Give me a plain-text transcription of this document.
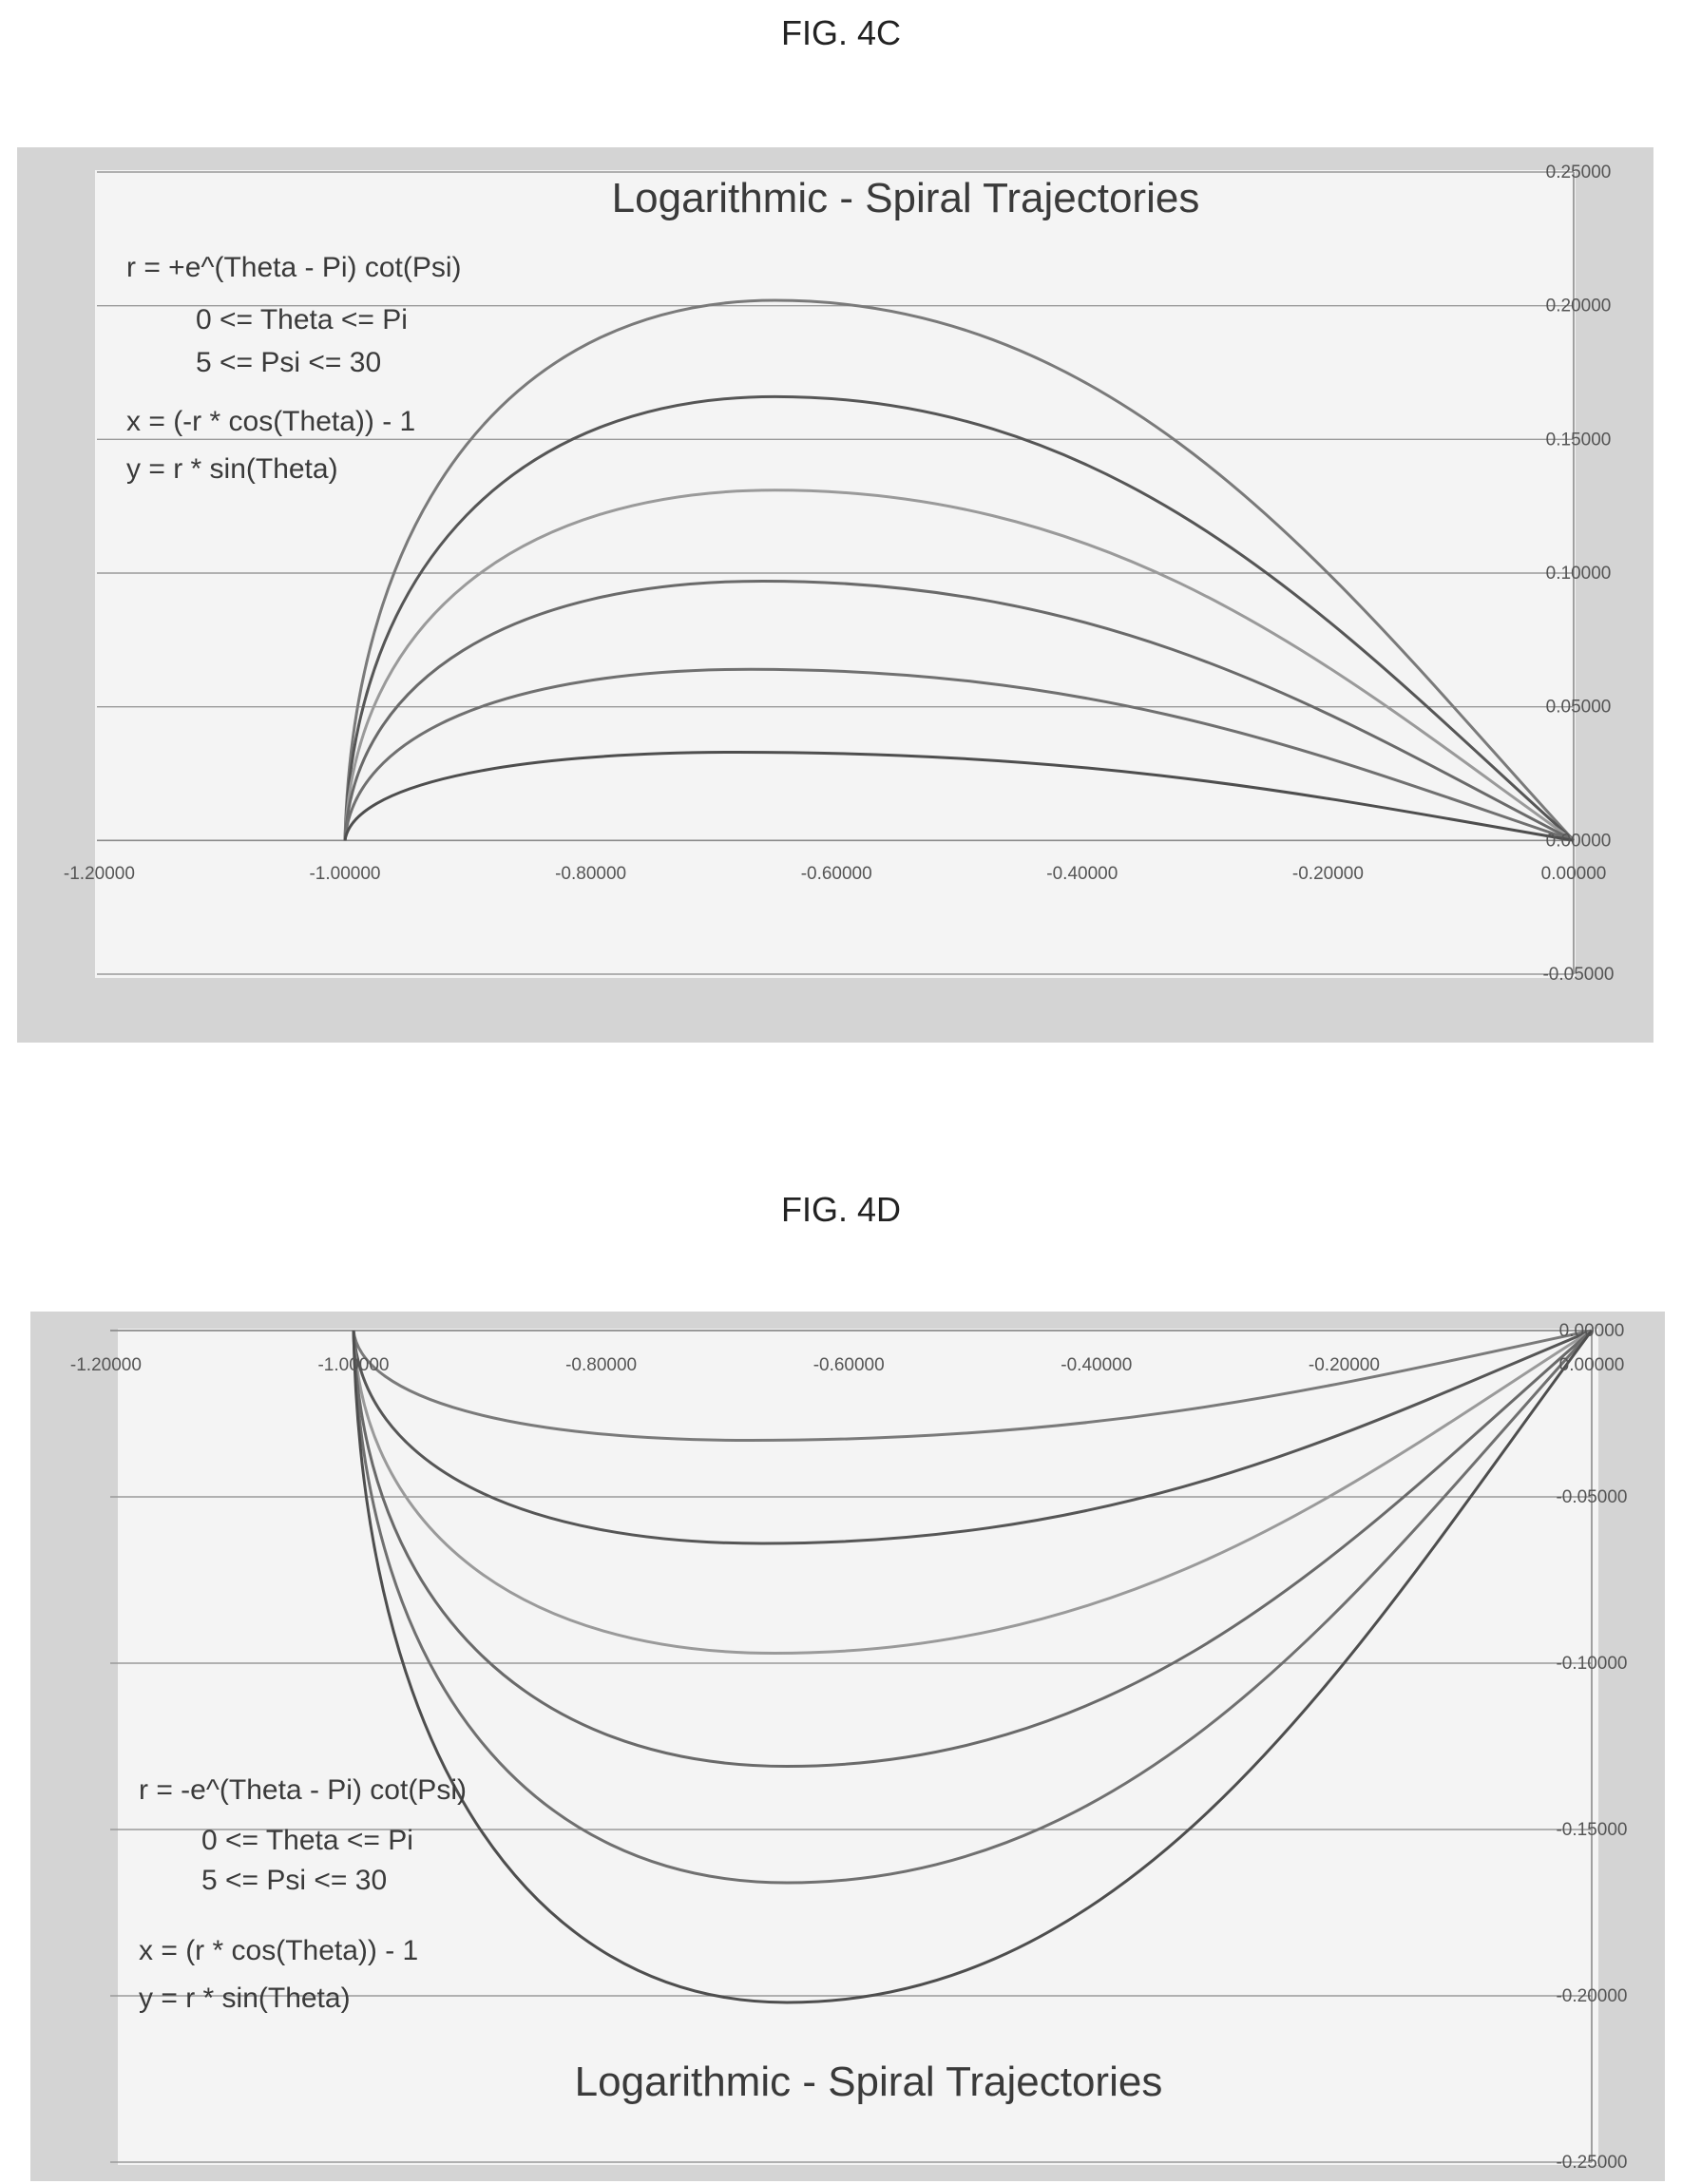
FIG. 4C
-1.20000	-1.00000	-0.80000	-0.60000	-0.40000	-0.20000	0.00000
-0.05000
0.00000
0.05000
0.10000
0.15000
0.20000
0.25000
Logarithmic - Spiral Trajectories
r = +e^(Theta - Pi) cot(Psi)
0 <= Theta <= Pi
5 <= Psi <= 30
x = (-r * cos(Theta)) - 1
y = r * sin(Theta)
FIG. 4D
-1.20000	-1.00000	-0.80000	-0.60000	-0.40000	-0.20000	0.00000
-0.25000
-0.20000
-0.15000
-0.10000
-0.05000
0.00000
r = -e^(Theta - Pi) cot(Psi)
0 <= Theta <= Pi
5 <= Psi <= 30
x = (r * cos(Theta)) - 1
y = r * sin(Theta)
Logarithmic - Spiral Trajectories
